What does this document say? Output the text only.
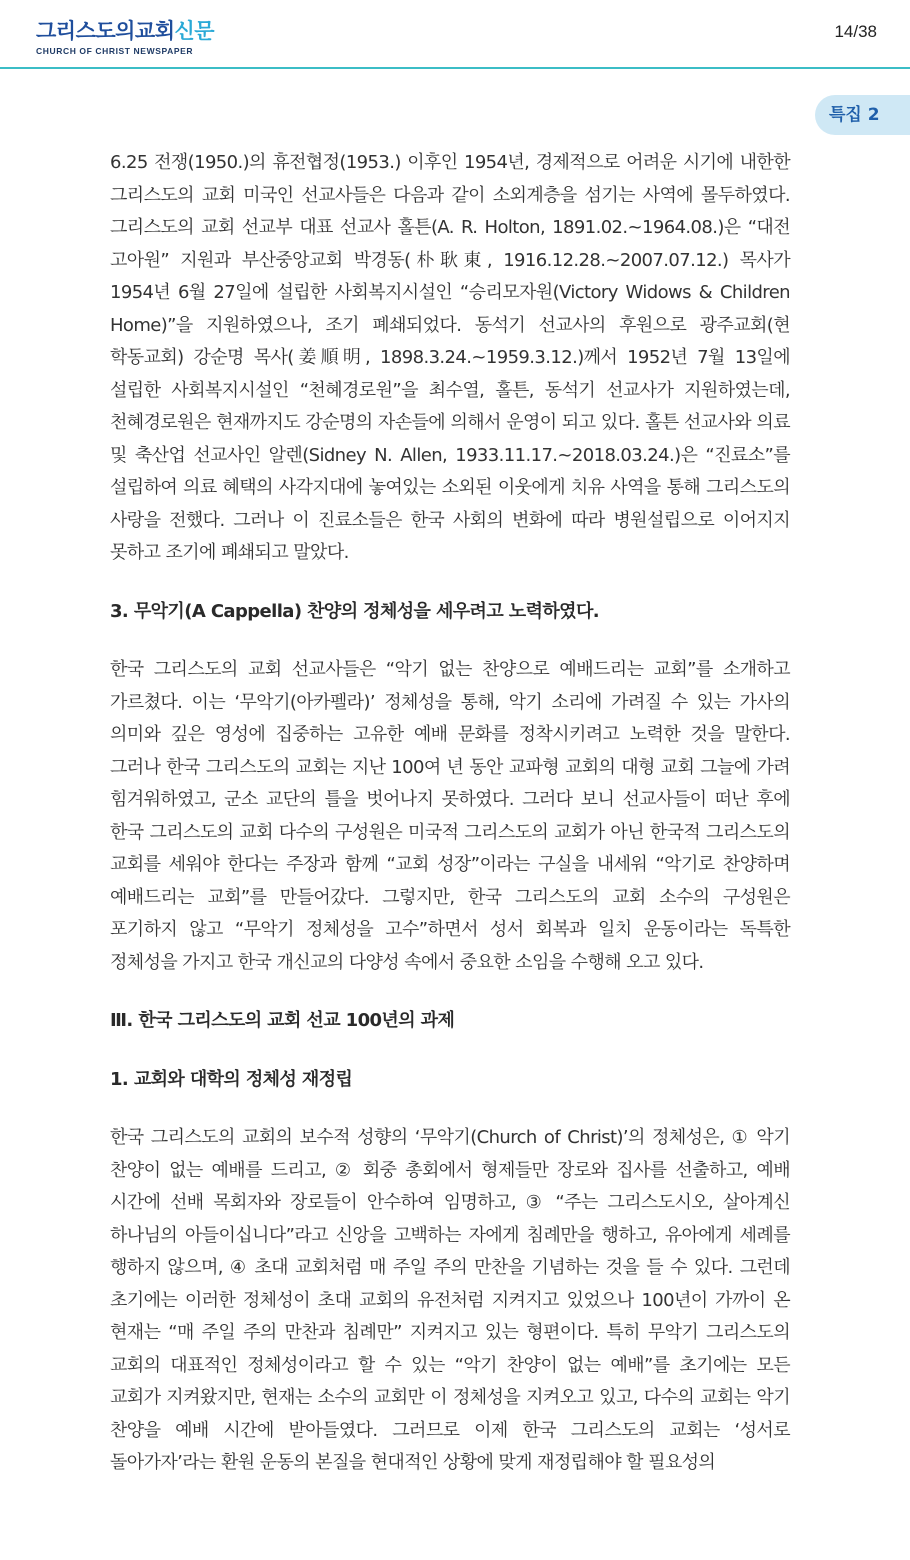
그리스도의교회신문
CHURCH OF CHRIST NEWSPAPER
14/38
특집 2

6.25 전쟁(1950.)의 휴전협정(1953.) 이후인 1954년, 경제적으로 어려운 시기에 내한한 그리스도의 교회 미국인 선교사들은 다음과 같이 소외계층을 섬기는 사역에 몰두하였다. 그리스도의 교회 선교부 대표 선교사 홀튼(A. R. Holton, 1891.02.~1964.08.)은 “대전 고아원” 지원과 부산중앙교회 박경동(朴耿東, 1916.12.28.~2007.07.12.) 목사가 1954년 6월 27일에 설립한 사회복지시설인 “승리모자원(Victory Widows & Children Home)”을 지원하였으나, 조기 폐쇄되었다. 동석기 선교사의 후원으로 광주교회(현 학동교회) 강순명 목사(姜順明, 1898.3.24.~1959.3.12.)께서 1952년 7월 13일에 설립한 사회복지시설인 “천혜경로원”을 최수열, 홀튼, 동석기 선교사가 지원하였는데, 천혜경로원은 현재까지도 강순명의 자손들에 의해서 운영이 되고 있다. 홀튼 선교사와 의료 및 축산업 선교사인 알렌(Sidney N. Allen, 1933.11.17.~2018.03.24.)은 “진료소”를 설립하여 의료 혜택의 사각지대에 놓여있는 소외된 이웃에게 치유 사역을 통해 그리스도의 사랑을 전했다. 그러나 이 진료소들은 한국 사회의 변화에 따라 병원설립으로 이어지지 못하고 조기에 폐쇄되고 말았다.

3. 무악기(A Cappella) 찬양의 정체성을 세우려고 노력하였다.

한국 그리스도의 교회 선교사들은 “악기 없는 찬양으로 예배드리는 교회”를 소개하고 가르쳤다. 이는 ‘무악기(아카펠라)’ 정체성을 통해, 악기 소리에 가려질 수 있는 가사의 의미와 깊은 영성에 집중하는 고유한 예배 문화를 정착시키려고 노력한 것을 말한다. 그러나 한국 그리스도의 교회는 지난 100여 년 동안 교파형 교회의 대형 교회 그늘에 가려 힘겨워하였고, 군소 교단의 틀을 벗어나지 못하였다. 그러다 보니 선교사들이 떠난 후에 한국 그리스도의 교회 다수의 구성원은 미국적 그리스도의 교회가 아닌 한국적 그리스도의 교회를 세워야 한다는 주장과 함께 “교회 성장”이라는 구실을 내세워 “악기로 찬양하며 예배드리는 교회”를 만들어갔다. 그렇지만, 한국 그리스도의 교회 소수의 구성원은 포기하지 않고 “무악기 정체성을 고수”하면서 성서 회복과 일치 운동이라는 독특한 정체성을 가지고 한국 개신교의 다양성 속에서 중요한 소임을 수행해 오고 있다.

Ⅲ. 한국 그리스도의 교회 선교 100년의 과제

1. 교회와 대학의 정체성 재정립

한국 그리스도의 교회의 보수적 성향의 ‘무악기(Church of Christ)’의 정체성은, ① 악기 찬양이 없는 예배를 드리고, ② 회중 총회에서 형제들만 장로와 집사를 선출하고, 예배 시간에 선배 목회자와 장로들이 안수하여 임명하고, ③ “주는 그리스도시오, 살아계신 하나님의 아들이십니다”라고 신앙을 고백하는 자에게 침례만을 행하고, 유아에게 세례를 행하지 않으며, ④ 초대 교회처럼 매 주일 주의 만찬을 기념하는 것을 들 수 있다. 그런데 초기에는 이러한 정체성이 초대 교회의 유전처럼 지켜지고 있었으나 100년이 가까이 온 현재는 “매 주일 주의 만찬과 침례만” 지켜지고 있는 형편이다. 특히 무악기 그리스도의 교회의 대표적인 정체성이라고 할 수 있는 “악기 찬양이 없는 예배”를 초기에는 모든 교회가 지켜왔지만, 현재는 소수의 교회만 이 정체성을 지켜오고 있고, 다수의 교회는 악기 찬양을 예배 시간에 받아들였다. 그러므로 이제 한국 그리스도의 교회는 ‘성서로 돌아가자’라는 환원 운동의 본질을 현대적인 상황에 맞게 재정립해야 할 필요성의
